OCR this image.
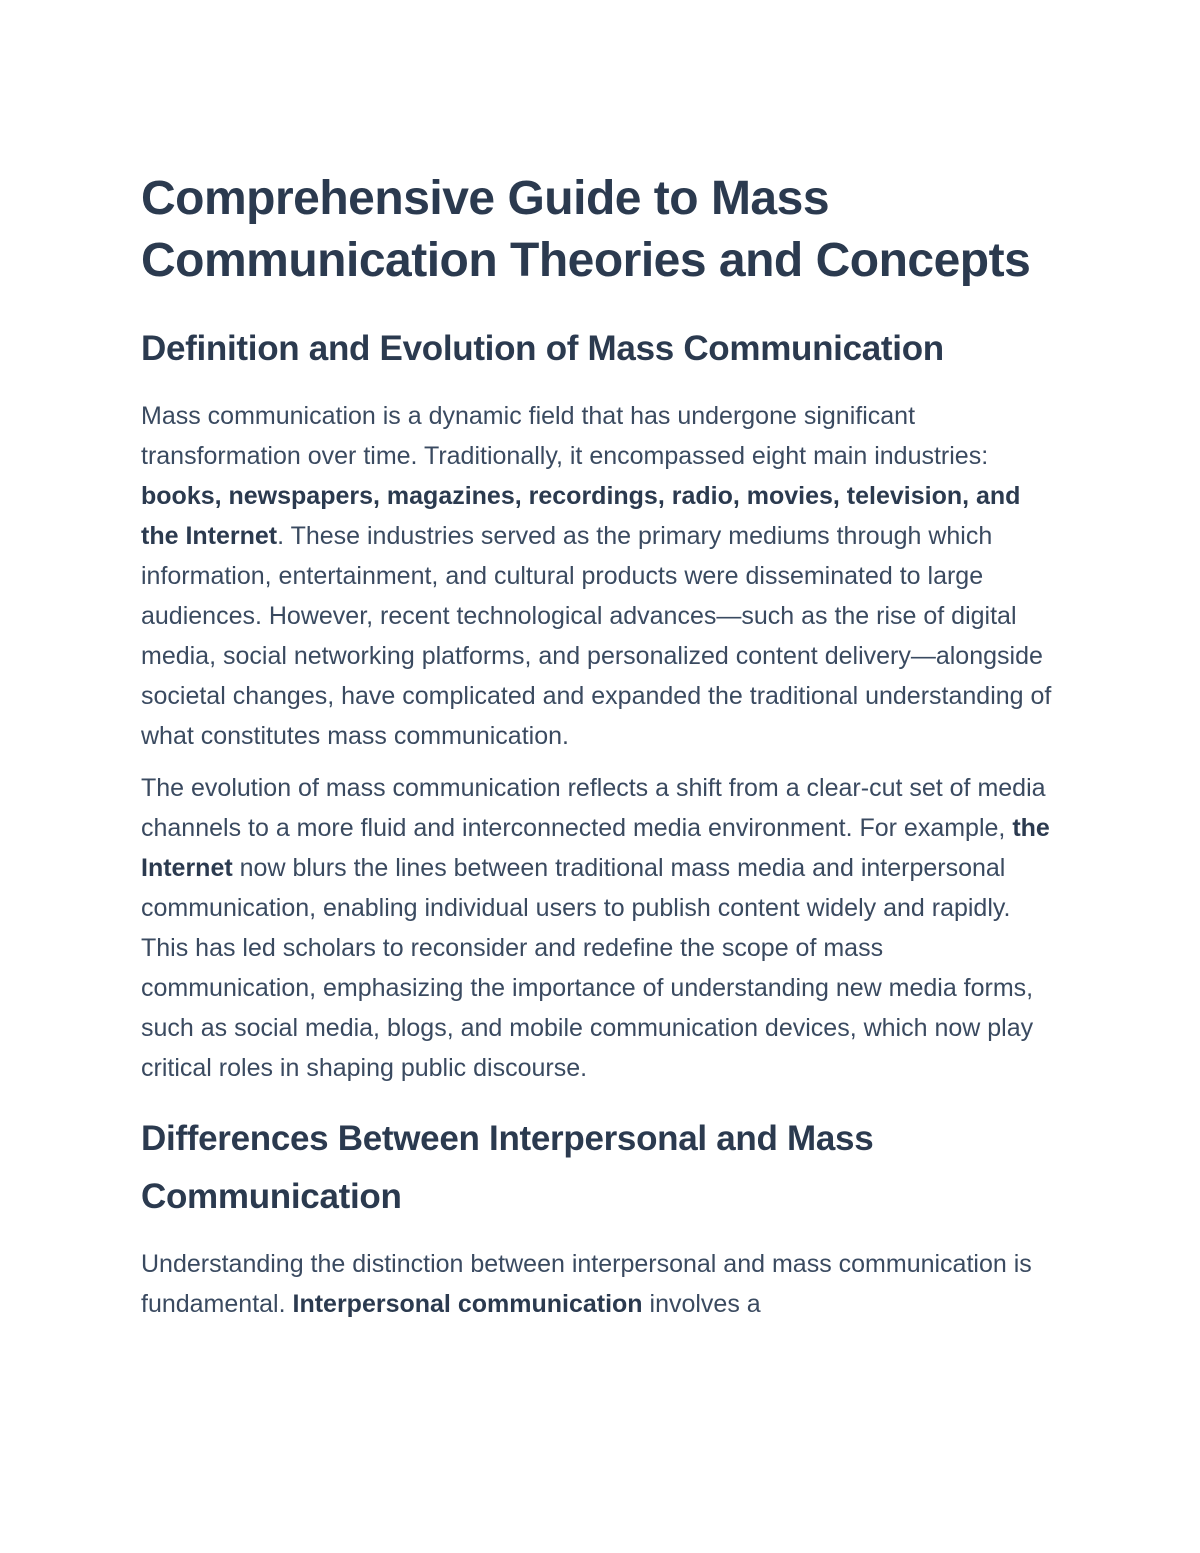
Comprehensive Guide to Mass Communication Theories and Concepts
Definition and Evolution of Mass Communication

Mass communication is a dynamic field that has undergone significant transformation over time. Traditionally, it encompassed eight main industries: books, newspapers, magazines, recordings, radio, movies, television, and the Internet. These industries served as the primary mediums through which information, entertainment, and cultural products were disseminated to large audiences. However, recent technological advances—such as the rise of digital media, social networking platforms, and personalized content delivery—alongside societal changes, have complicated and expanded the traditional understanding of what constitutes mass communication.

The evolution of mass communication reflects a shift from a clear-cut set of media channels to a more fluid and interconnected media environment. For example, the Internet now blurs the lines between traditional mass media and interpersonal communication, enabling individual users to publish content widely and rapidly. This has led scholars to reconsider and redefine the scope of mass communication, emphasizing the importance of understanding new media forms, such as social media, blogs, and mobile communication devices, which now play critical roles in shaping public discourse.

Differences Between Interpersonal and Mass Communication

Understanding the distinction between interpersonal and mass communication is fundamental. Interpersonal communication involves a
